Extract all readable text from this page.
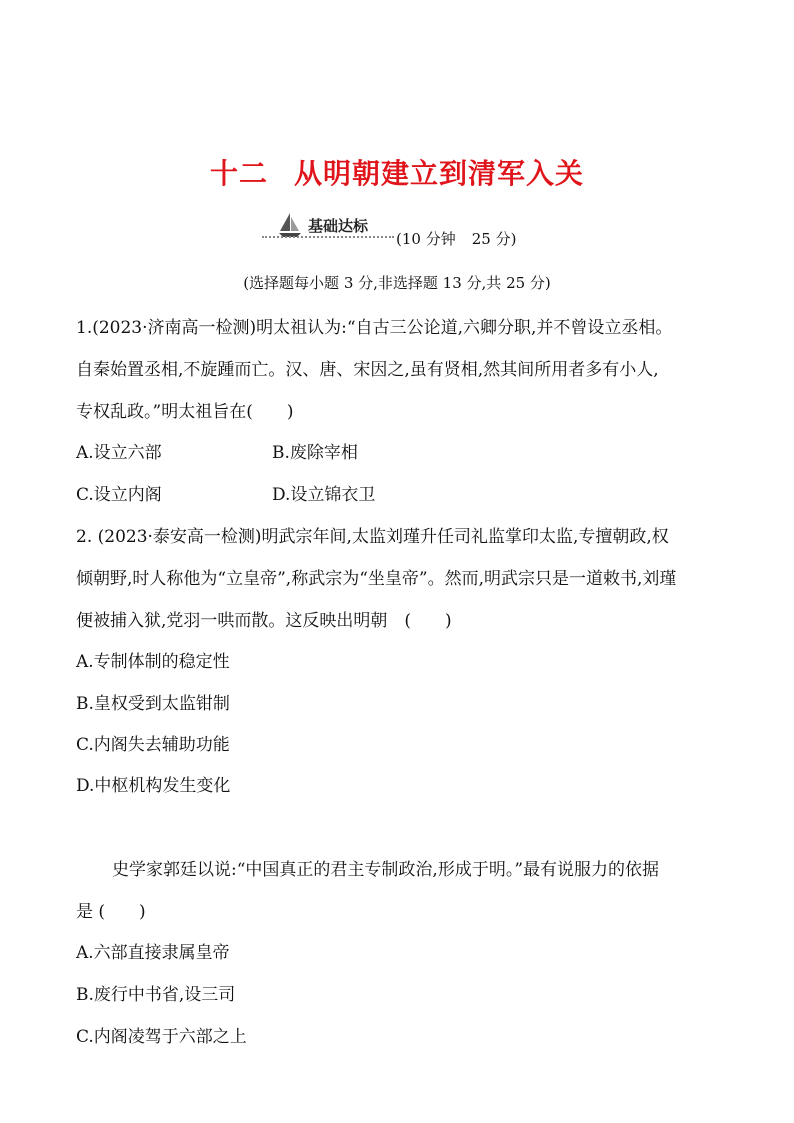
十二 从明朝建立到清军入关
基础达标
(10 分钟 25 分)
(选择题每小题 3 分,非选择题 13 分,共 25 分)
1.(2023·济南高一检测)明太祖认为:“自古三公论道,六卿分职,并不曾设立丞相。
自秦始置丞相,不旋踵而亡。汉、唐、宋因之,虽有贤相,然其间所用者多有小人,
专权乱政。”明太祖旨在(　　)
A.设立六部	B.废除宰相
C.设立内阁	D.设立锦衣卫
2. (2023·泰安高一检测)明武宗年间,太监刘瑾升任司礼监掌印太监,专擅朝政,权
倾朝野,时人称他为“立皇帝”,称武宗为“坐皇帝”。然而,明武宗只是一道敕书,刘瑾
便被捕入狱,党羽一哄而散。这反映出明朝　(　　)
A.专制体制的稳定性
B.皇权受到太监钳制
C.内阁失去辅助功能
D.中枢机构发生变化
史学家郭廷以说:“中国真正的君主专制政治,形成于明。”最有说服力的依据
是 (　　)
A.六部直接隶属皇帝
B.废行中书省,设三司
C.内阁凌驾于六部之上
